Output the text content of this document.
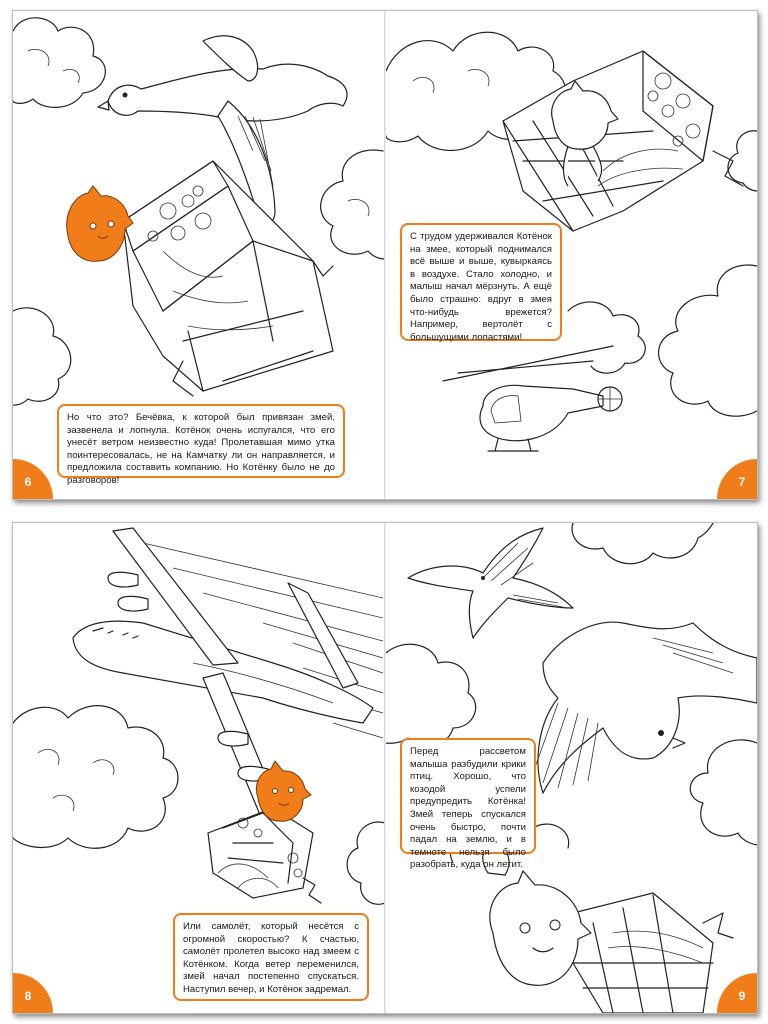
Но что это? Бечёвка, к которой был привязан змей, зазвенела и лопнула. Котёнок очень испугался, что его унесёт ветром неизвестно куда! Пролетавшая мимо утка поинтересовалась, не на Камчатку ли он направляется, и предложила составить компанию. Но Котёнку было не до разговоров!
С трудом удерживался Котёнок на змее, который поднимался всё выше и выше, кувыркаясь в воздухе. Стало холодно, и малыш начал мёрзнуть. А ещё было страшно: вдруг в змея что-нибудь врежется? Например, вертолёт с большущими лопастями!
6	7
Или самолёт, который несётся с огромной скоростью? К счастью, самолёт пролетел высоко над змеем с Котёнком. Когда ветер переменился, змей начал постепенно спускаться. Наступил вечер, и Котёнок задремал.
Перед рассветом малыша разбудили крики птиц. Хорошо, что козодой успели предупредить Котёнка! Змей теперь спускался очень быстро, почти падал на землю, и в темноте нельзя было разобрать, куда он летит.
8	9
